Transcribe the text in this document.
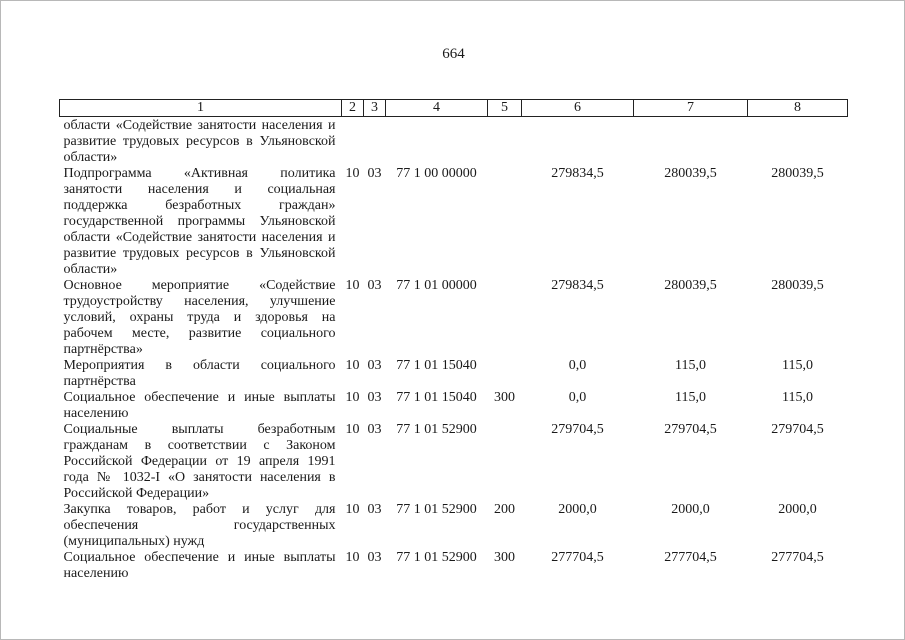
664
1	2	3	4	5	6	7	8
области «Содействие занятости населения и развитие трудовых ресурсов в Ульяновской области»							
Подпрограмма «Активная политика занятости населения и социальная поддержка безработных граждан» государственной программы Ульяновской области «Содействие занятости населения и развитие трудовых ресурсов в Ульяновской области»	10	03	77 1 00 00000		279834,5	280039,5	280039,5
Основное мероприятие «Содействие трудоустройству населения, улучшение условий, охраны труда и здоровья на рабочем месте, развитие социального партнёрства»	10	03	77 1 01 00000		279834,5	280039,5	280039,5
Мероприятия в области социального партнёрства	10	03	77 1 01 15040		0,0	115,0	115,0
Социальное обеспечение и иные выплаты населению	10	03	77 1 01 15040	300	0,0	115,0	115,0
Социальные выплаты безработным гражданам в соответствии с Законом Российской Федерации от 19 апреля 1991 года № 1032-I «О занятости населения в Российской Федерации»	10	03	77 1 01 52900		279704,5	279704,5	279704,5
Закупка товаров, работ и услуг для обеспечения государственных (муниципальных) нужд	10	03	77 1 01 52900	200	2000,0	2000,0	2000,0
Социальное обеспечение и иные выплаты населению	10	03	77 1 01 52900	300	277704,5	277704,5	277704,5
